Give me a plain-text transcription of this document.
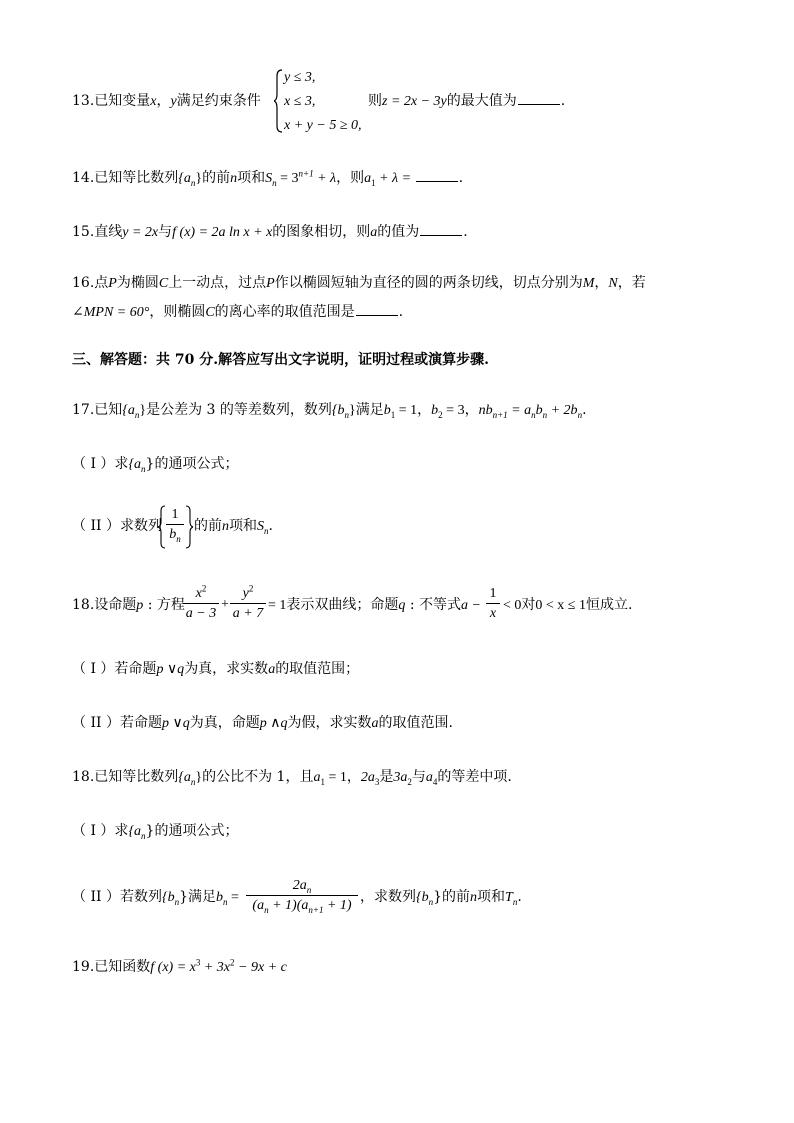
13.已知变量x，y满足约束条件
y ≤ 3,
x ≤ 3,
x + y − 5 ≥ 0,
则z = 2x − 3y的最大值为	.
14.已知等比数列$\{a_n\}$的前n项和$S_n = 3^{n+1} + \lambda$，则$a_1 + \lambda$ =	.
15.直线y = 2x与f (x) = 2a ln x + x的图象相切，则a的值为	.
16.点P为椭圆C上一动点，过点P作以椭圆短轴为直径的圆的两条切线，切点分别为M，N，若
∠MPN = 60°，则椭圆C的离心率的取值范围是	.
三、解答题：共 70 分.解答应写出文字说明，证明过程或演算步骤.
17.已知$\{a_n\}$是公差为 3 的等差数列，数列$\{b_n\}$满足$b_1 = 1$，$b_2 = 3$，$nb_{n+1} = a_nb_n + 2b_n$.
（ I ）求$\{a_n\}$的通项公式；
（ II ）求数列 $\frac{1}{b_n}$ 的前n项和$S_n$.
18.设命题p : 方程
$\frac{x^2}{a - 3} + \frac{y^2}{a + 7} = 1$表示双曲线；命题q : 不等式$a - \frac{1}{x} < 0$对0 < x ≤ 1恒成立.
（ I ）若命题p ∨q为真，求实数a的取值范围；
（ II ）若命题p ∨q为真，命题p ∧q为假，求实数a的取值范围.
18.已知等比数列$\{a_n\}$的公比不为 1，且$a_1 = 1$，$2a_3$是$3a_2$与$a_4$的等差中项.
（ I ）求$\{a_n\}$的通项公式；
（ II ）若数列$\{b_n\}$满足$b_n = \frac{2a_n}{(a_n + 1)(a_{n+1} + 1)}$ ，求数列$\{b_n\}$的前n项和$T_n$.
19.已知函数f $(x) = x^3 + 3x^2 - 9x + c$
